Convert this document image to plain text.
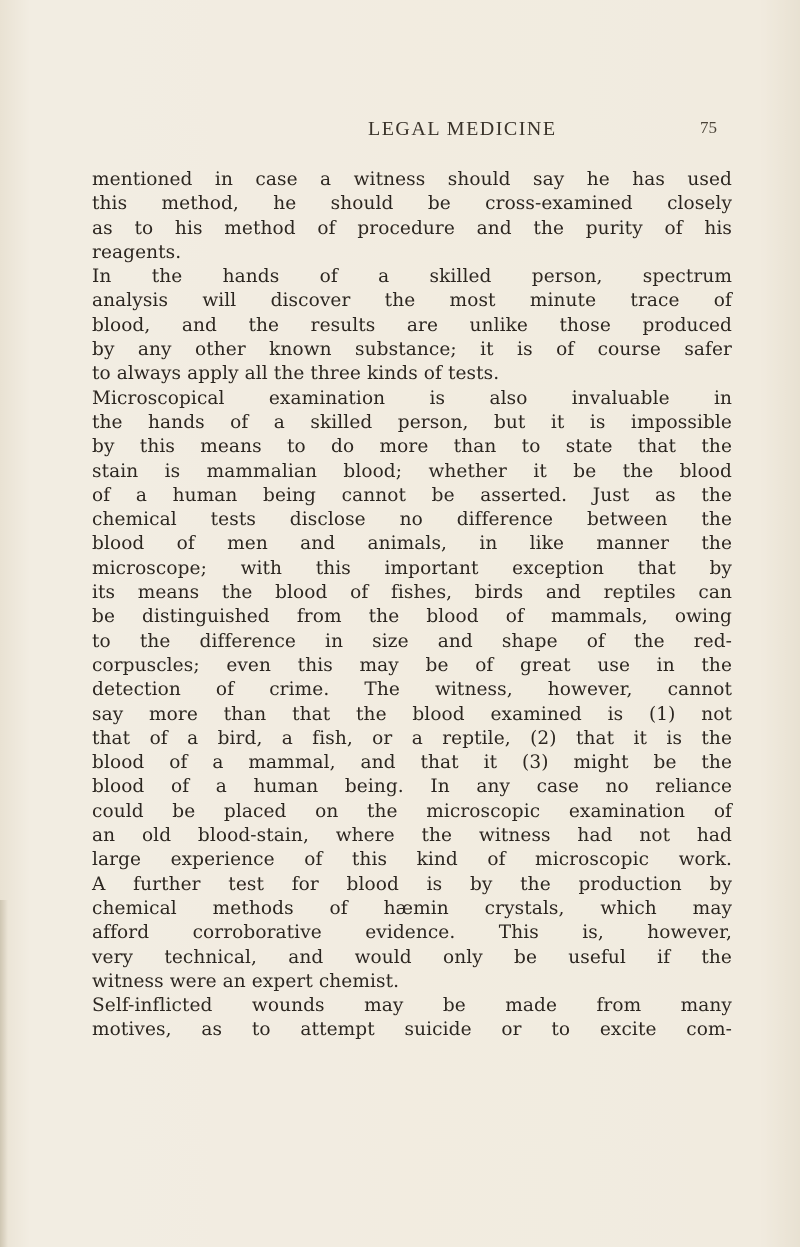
LEGAL MEDICINE	75
mentioned in case a witness should say he has used
this method, he should be cross-examined closely
as to his method of procedure and the purity of his
reagents.
In the hands of a skilled person, spectrum
analysis will discover the most minute trace of
blood, and the results are unlike those produced
by any other known substance; it is of course safer
to always apply all the three kinds of tests.
Microscopical examination is also invaluable in
the hands of a skilled person, but it is impossible
by this means to do more than to state that the
stain is mammalian blood; whether it be the blood
of a human being cannot be asserted. Just as the
chemical tests disclose no difference between the
blood of men and animals, in like manner the
microscope; with this important exception that by
its means the blood of fishes, birds and reptiles can
be distinguished from the blood of mammals, owing
to the difference in size and shape of the red-
corpuscles; even this may be of great use in the
detection of crime. The witness, however, cannot
say more than that the blood examined is (1) not
that of a bird, a fish, or a reptile, (2) that it is the
blood of a mammal, and that it (3) might be the
blood of a human being. In any case no reliance
could be placed on the microscopic examination of
an old blood-stain, where the witness had not had
large experience of this kind of microscopic work.
A further test for blood is by the production by
chemical methods of hæmin crystals, which may
afford corroborative evidence. This is, however,
very technical, and would only be useful if the
witness were an expert chemist.
Self-inflicted wounds may be made from many
motives, as to attempt suicide or to excite com-
